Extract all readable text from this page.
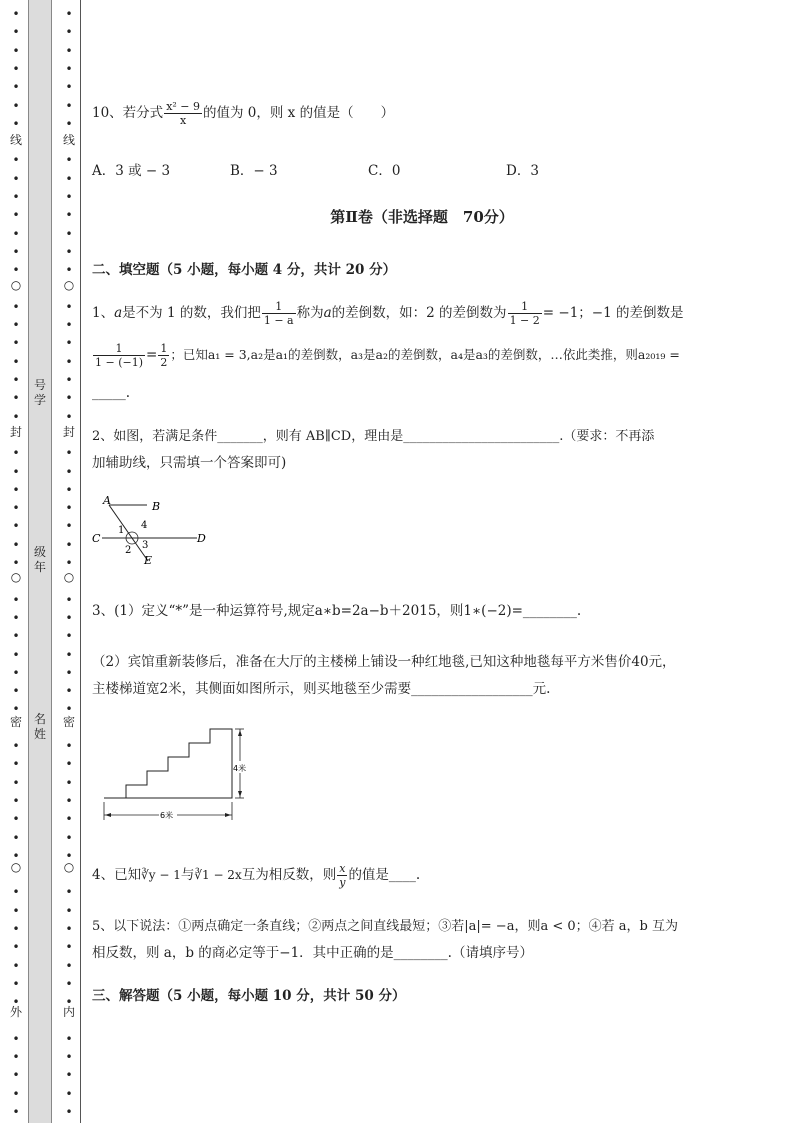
•
•
•
•
•
•
•
•
•
•
•
•
•
•
•
•
•
•
•
•
•
•
•
•
•
•
•
•
•
•
•
•
•
•
•
•
•
•
•
•
•
•
•
•
•
•
•
•
•
•
•
•
•
•
线
○
封
○
密
○
外
•
•
•
•
•
•
•
•
•
•
•
•
•
•
•
•
•
•
•
•
•
•
•
•
•
•
•
•
•
•
•
•
•
•
•
•
•
•
•
•
•
•
•
•
•
•
•
•
•
•
•
•
•
•
线
○
封
○
密
○
内
号
学
级
年
名
姓
10、若分式 $\frac{\text{x² − 9}}{x}$ 的值为 0，则 x 的值是（　　）
A．3 或 − 3	B．− 3	C．0	D．3
第Ⅱ卷（非选择题　70分）
二、填空题（5 小题，每小题 4 分，共计 20 分）
1、a是不为 1 的数，我们把 $\frac{1}{1 - a}$ 称为a的差倒数，如：2 的差倒数为 $\frac{1}{1 - 2} = -1$；−1 的差倒数是
$\frac{1}{1 - (-1)} = \frac{1}{2}$ ；已知a₁ = 3,a₂是a₁的差倒数，a₃是a₂的差倒数，a₄是a₃的差倒数，…依此类推，则a₂₀₁₉ =
_____.
2、如图，若满足条件_______，则有 AB∥CD，理由是________________________.（要求：不再添
加辅助线，只需填一个答案即可)
A	B
C	D
E
1
2 3
4
3、(1）定义“*”是一种运算符号,规定a∗b=2a−b＋2015，则1∗(−2)=________.
（2）宾馆重新装修后，准备在大厅的主楼梯上铺设一种红地毯,已知这种地毯每平方米售价40元，
主楼梯道宽2米，其侧面如图所示，则买地毯至少需要__________________元.
4米
6米
4、已知∛y − 1与∛1 − 2x互为相反数，则 $\frac{x}{y}$ 的值是____.
5、以下说法：①两点确定一条直线；②两点之间直线最短；③若|a|= −a，则a < 0；④若 a，b 互为
相反数，则 a，b 的商必定等于−1．其中正确的是________.（请填序号）
三、解答题（5 小题，每小题 10 分，共计 50 分）
